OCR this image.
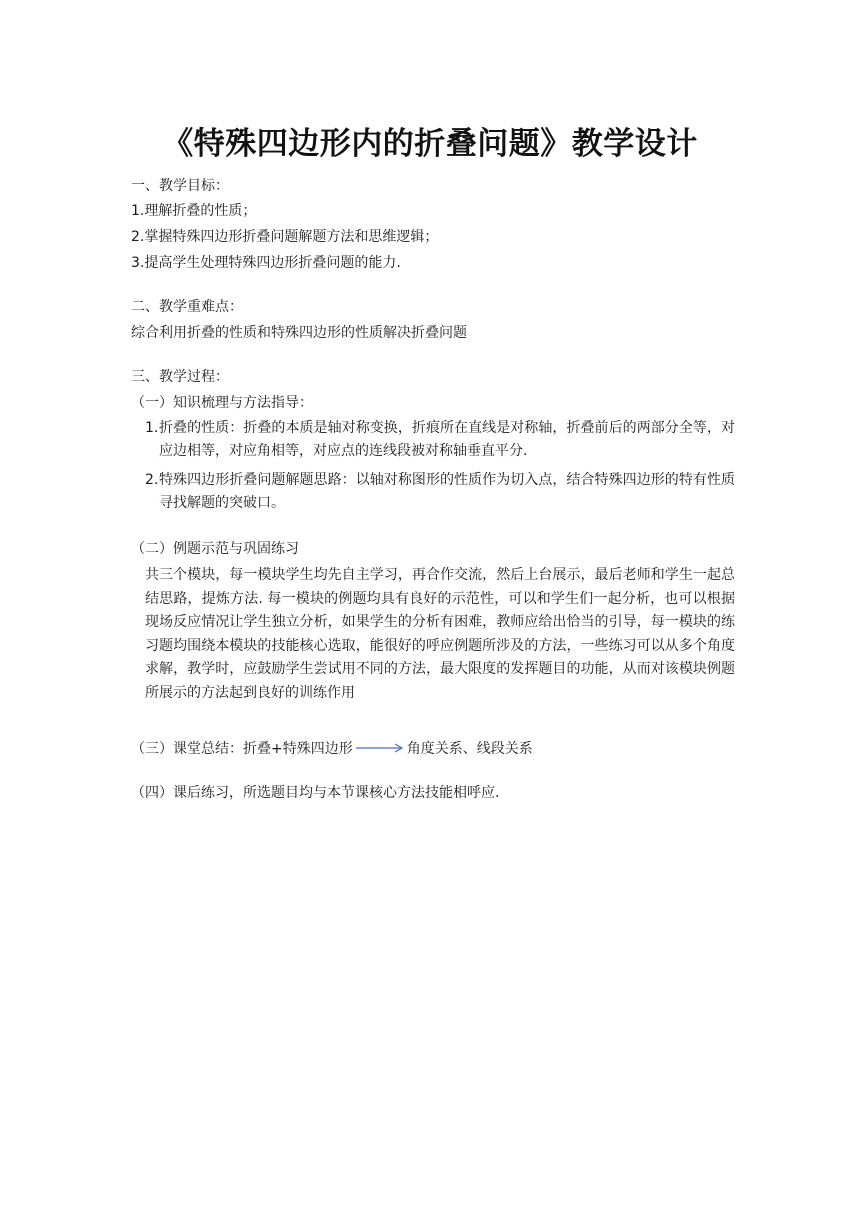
《特殊四边形内的折叠问题》教学设计
一、教学目标：
1.理解折叠的性质；
2.掌握特殊四边形折叠问题解题方法和思维逻辑；
3.提高学生处理特殊四边形折叠问题的能力.
二、教学重难点：
综合利用折叠的性质和特殊四边形的性质解决折叠问题
三、教学过程：
（一）知识梳理与方法指导：
1. 折叠的性质：折叠的本质是轴对称变换，折痕所在直线是对称轴，折叠前后的两部分全等，对应边相等，对应角相等，对应点的连线段被对称轴垂直平分.
2. 特殊四边形折叠问题解题思路：以轴对称图形的性质作为切入点，结合特殊四边形的特有性质寻找解题的突破口。
（二）例题示范与巩固练习
共三个模块，每一模块学生均先自主学习，再合作交流，然后上台展示，最后老师和学生一起总结思路，提炼方法. 每一模块的例题均具有良好的示范性，可以和学生们一起分析，也可以根据现场反应情况让学生独立分析，如果学生的分析有困难，教师应给出恰当的引导，每一模块的练习题均围绕本模块的技能核心选取，能很好的呼应例题所涉及的方法，一些练习可以从多个角度求解，教学时，应鼓励学生尝试用不同的方法，最大限度的发挥题目的功能，从而对该模块例题所展示的方法起到良好的训练作用
（三）课堂总结：折叠+特殊四边形	角度关系、线段关系
（四）课后练习，所选题目均与本节课核心方法技能相呼应.
